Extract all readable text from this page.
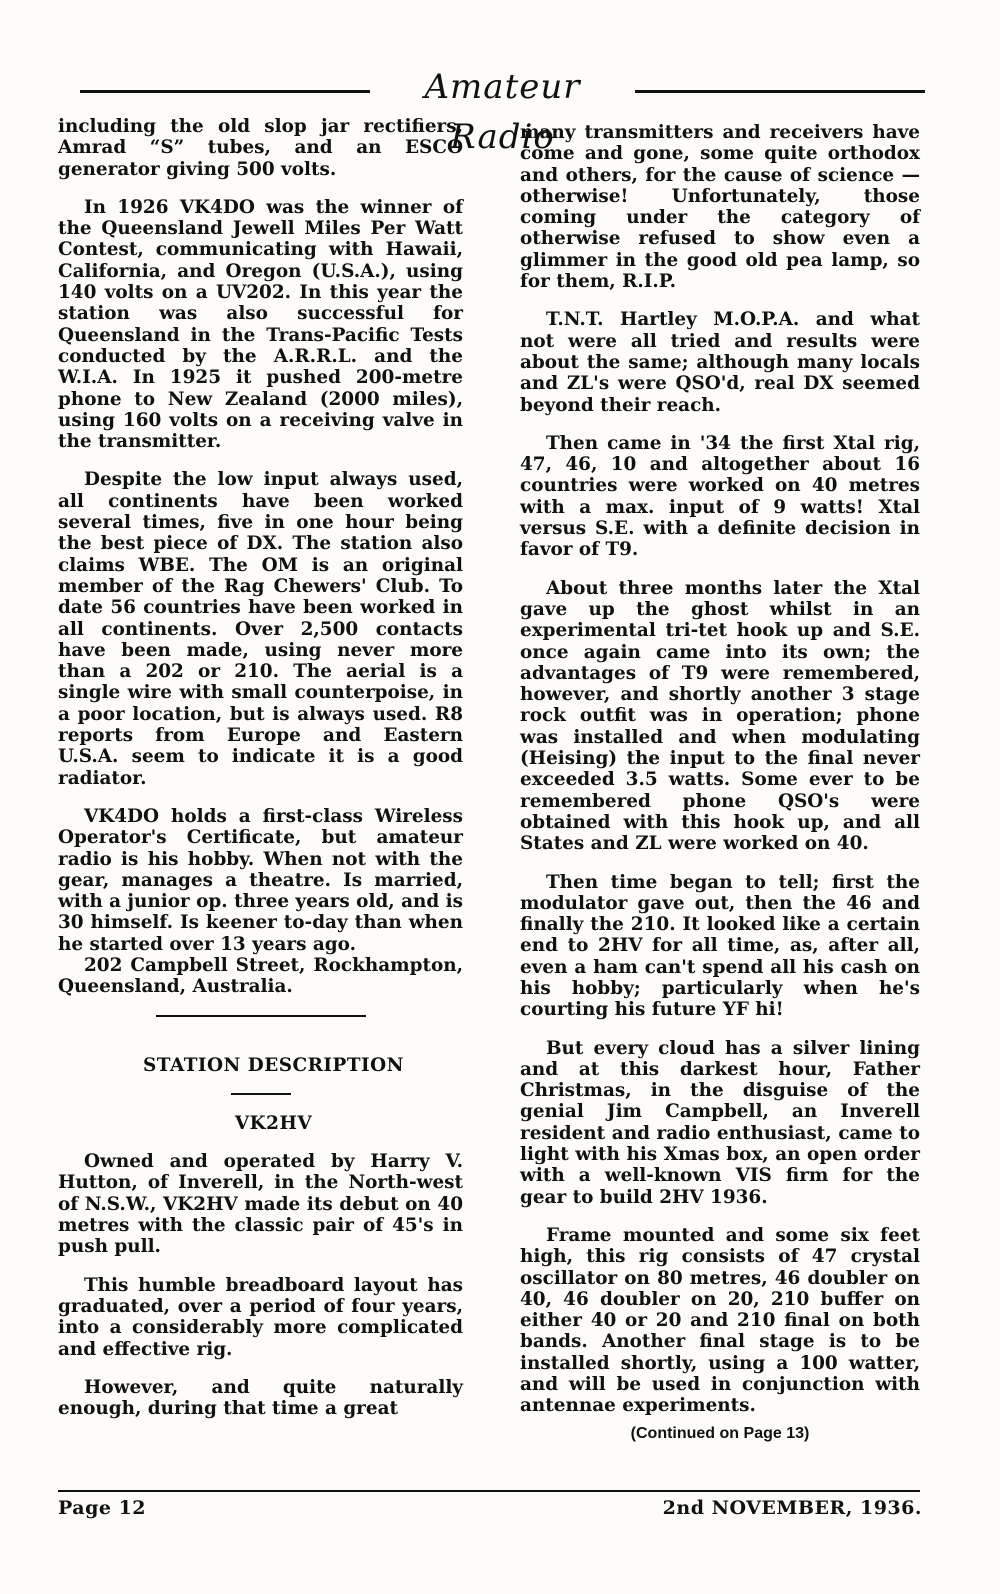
Amateur Radio

including the old slop jar rectifiers, Amrad “S” tubes, and an ESCO generator giving 500 volts.

In 1926 VK4DO was the winner of the Queensland Jewell Miles Per Watt Contest, communicating with Hawaii, California, and Oregon (U.S.A.), using 140 volts on a UV202. In this year the station was also successful for Queensland in the Trans-Pacific Tests conducted by the A.R.R.L. and the W.I.A. In 1925 it pushed 200-metre phone to New Zealand (2000 miles), using 160 volts on a receiving valve in the transmitter.

Despite the low input always used, all continents have been worked several times, five in one hour being the best piece of DX. The station also claims WBE. The OM is an original member of the Rag Chewers' Club. To date 56 countries have been worked in all continents. Over 2,500 contacts have been made, using never more than a 202 or 210. The aerial is a single wire with small counterpoise, in a poor location, but is always used. R8 reports from Europe and Eastern U.S.A. seem to indicate it is a good radiator.

VK4DO holds a first-class Wireless Operator's Certificate, but amateur radio is his hobby. When not with the gear, manages a theatre. Is married, with a junior op. three years old, and is 30 himself. Is keener to-day than when he started over 13 years ago.

202 Campbell Street, Rockhampton, Queensland, Australia.

STATION DESCRIPTION

VK2HV

Owned and operated by Harry V. Hutton, of Inverell, in the North-west of N.S.W., VK2HV made its debut on 40 metres with the classic pair of 45's in push pull.

This humble breadboard layout has graduated, over a period of four years, into a considerably more complicated and effective rig.

However, and quite naturally enough, during that time a great

many transmitters and receivers have come and gone, some quite orthodox and others, for the cause of science — otherwise! Unfortunately, those coming under the category of otherwise refused to show even a glimmer in the good old pea lamp, so for them, R.I.P.

T.N.T. Hartley M.O.P.A. and what not were all tried and results were about the same; although many locals and ZL's were QSO'd, real DX seemed beyond their reach.

Then came in '34 the first Xtal rig, 47, 46, 10 and altogether about 16 countries were worked on 40 metres with a max. input of 9 watts! Xtal versus S.E. with a definite decision in favor of T9.

About three months later the Xtal gave up the ghost whilst in an experimental tri-tet hook up and S.E. once again came into its own; the advantages of T9 were remembered, however, and shortly another 3 stage rock outfit was in operation; phone was installed and when modulating (Heising) the input to the final never exceeded 3.5 watts. Some ever to be remembered phone QSO's were obtained with this hook up, and all States and ZL were worked on 40.

Then time began to tell; first the modulator gave out, then the 46 and finally the 210. It looked like a certain end to 2HV for all time, as, after all, even a ham can't spend all his cash on his hobby; particularly when he's courting his future YF hi!

But every cloud has a silver lining and at this darkest hour, Father Christmas, in the disguise of the genial Jim Campbell, an Inverell resident and radio enthusiast, came to light with his Xmas box, an open order with a well-known VIS firm for the gear to build 2HV 1936.

Frame mounted and some six feet high, this rig consists of 47 crystal oscillator on 80 metres, 46 doubler on 40, 46 doubler on 20, 210 buffer on either 40 or 20 and 210 final on both bands. Another final stage is to be installed shortly, using a 100 watter, and will be used in conjunction with antennae experiments.

(Continued on Page 13)
Page 12	2nd NOVEMBER, 1936.
